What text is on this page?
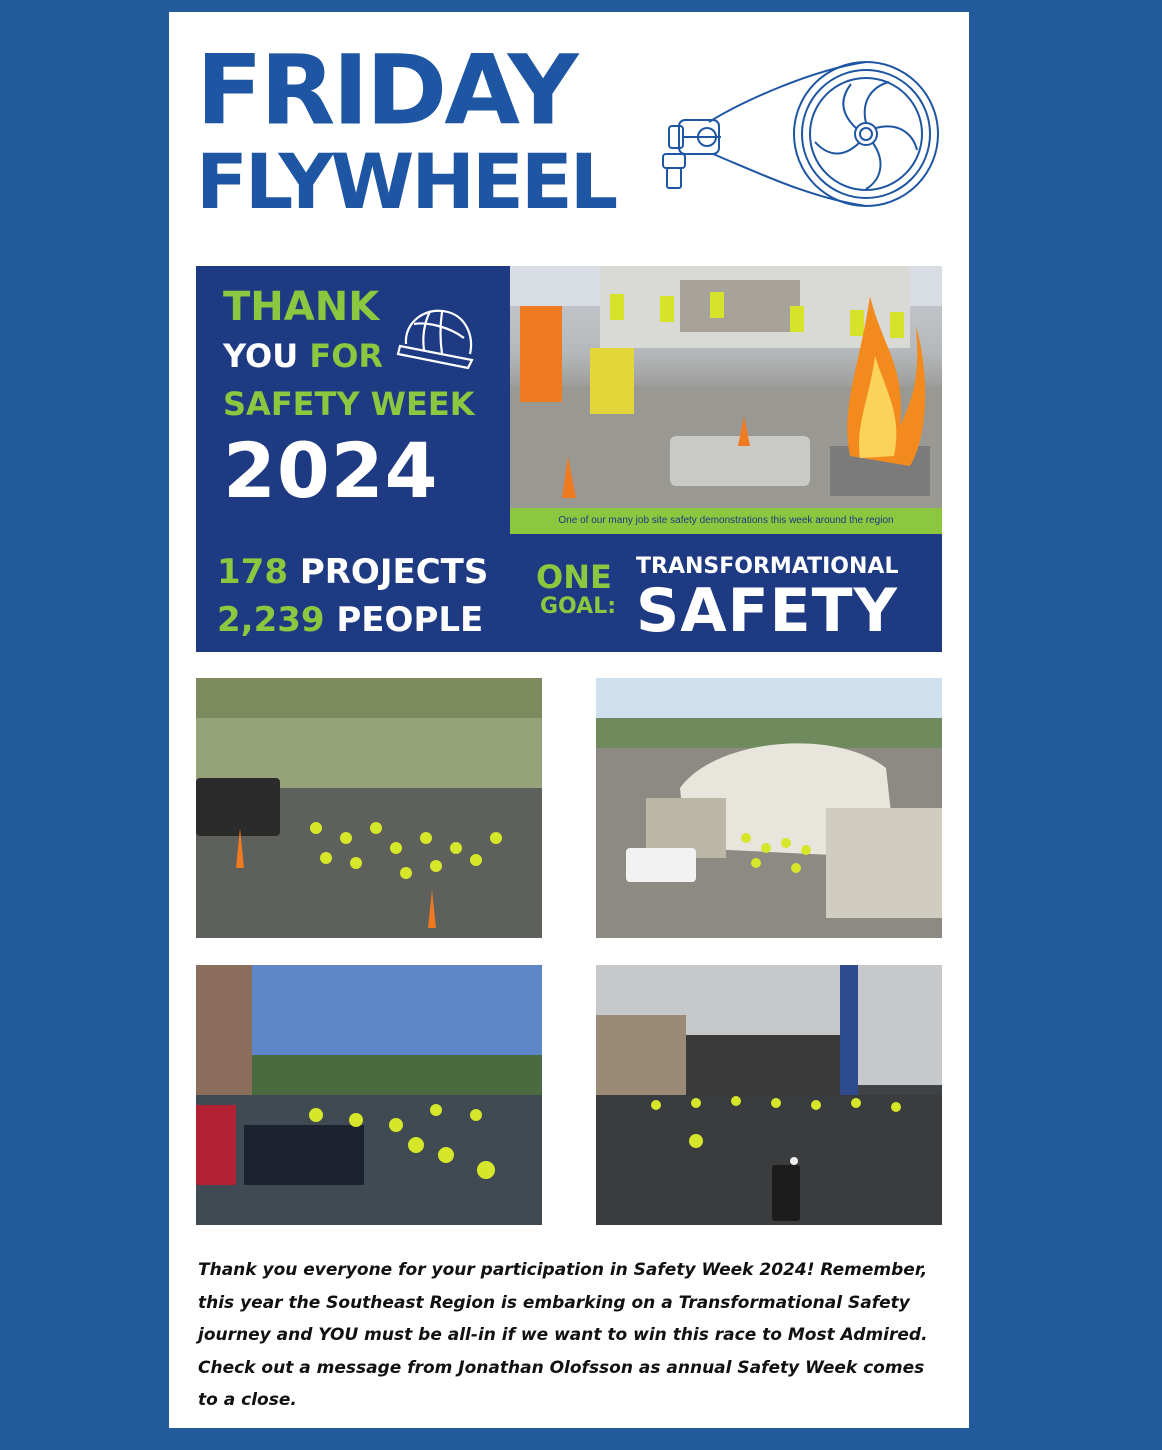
FRIDAY
FLYWHEEL
THANK
YOU FOR
SAFETY WEEK
2024
One of our many job site safety demonstrations this week around the region
178 PROJECTS
2,239 PEOPLE
ONE
GOAL:
TRANSFORMATIONAL
SAFETY
Thank you everyone for your participation in Safety Week 2024! Remember, this year the Southeast Region is embarking on a Transformational Safety journey and YOU must be all-in if we want to win this race to Most Admired. Check out a message from Jonathan Olofsson as annual Safety Week comes to a close.
